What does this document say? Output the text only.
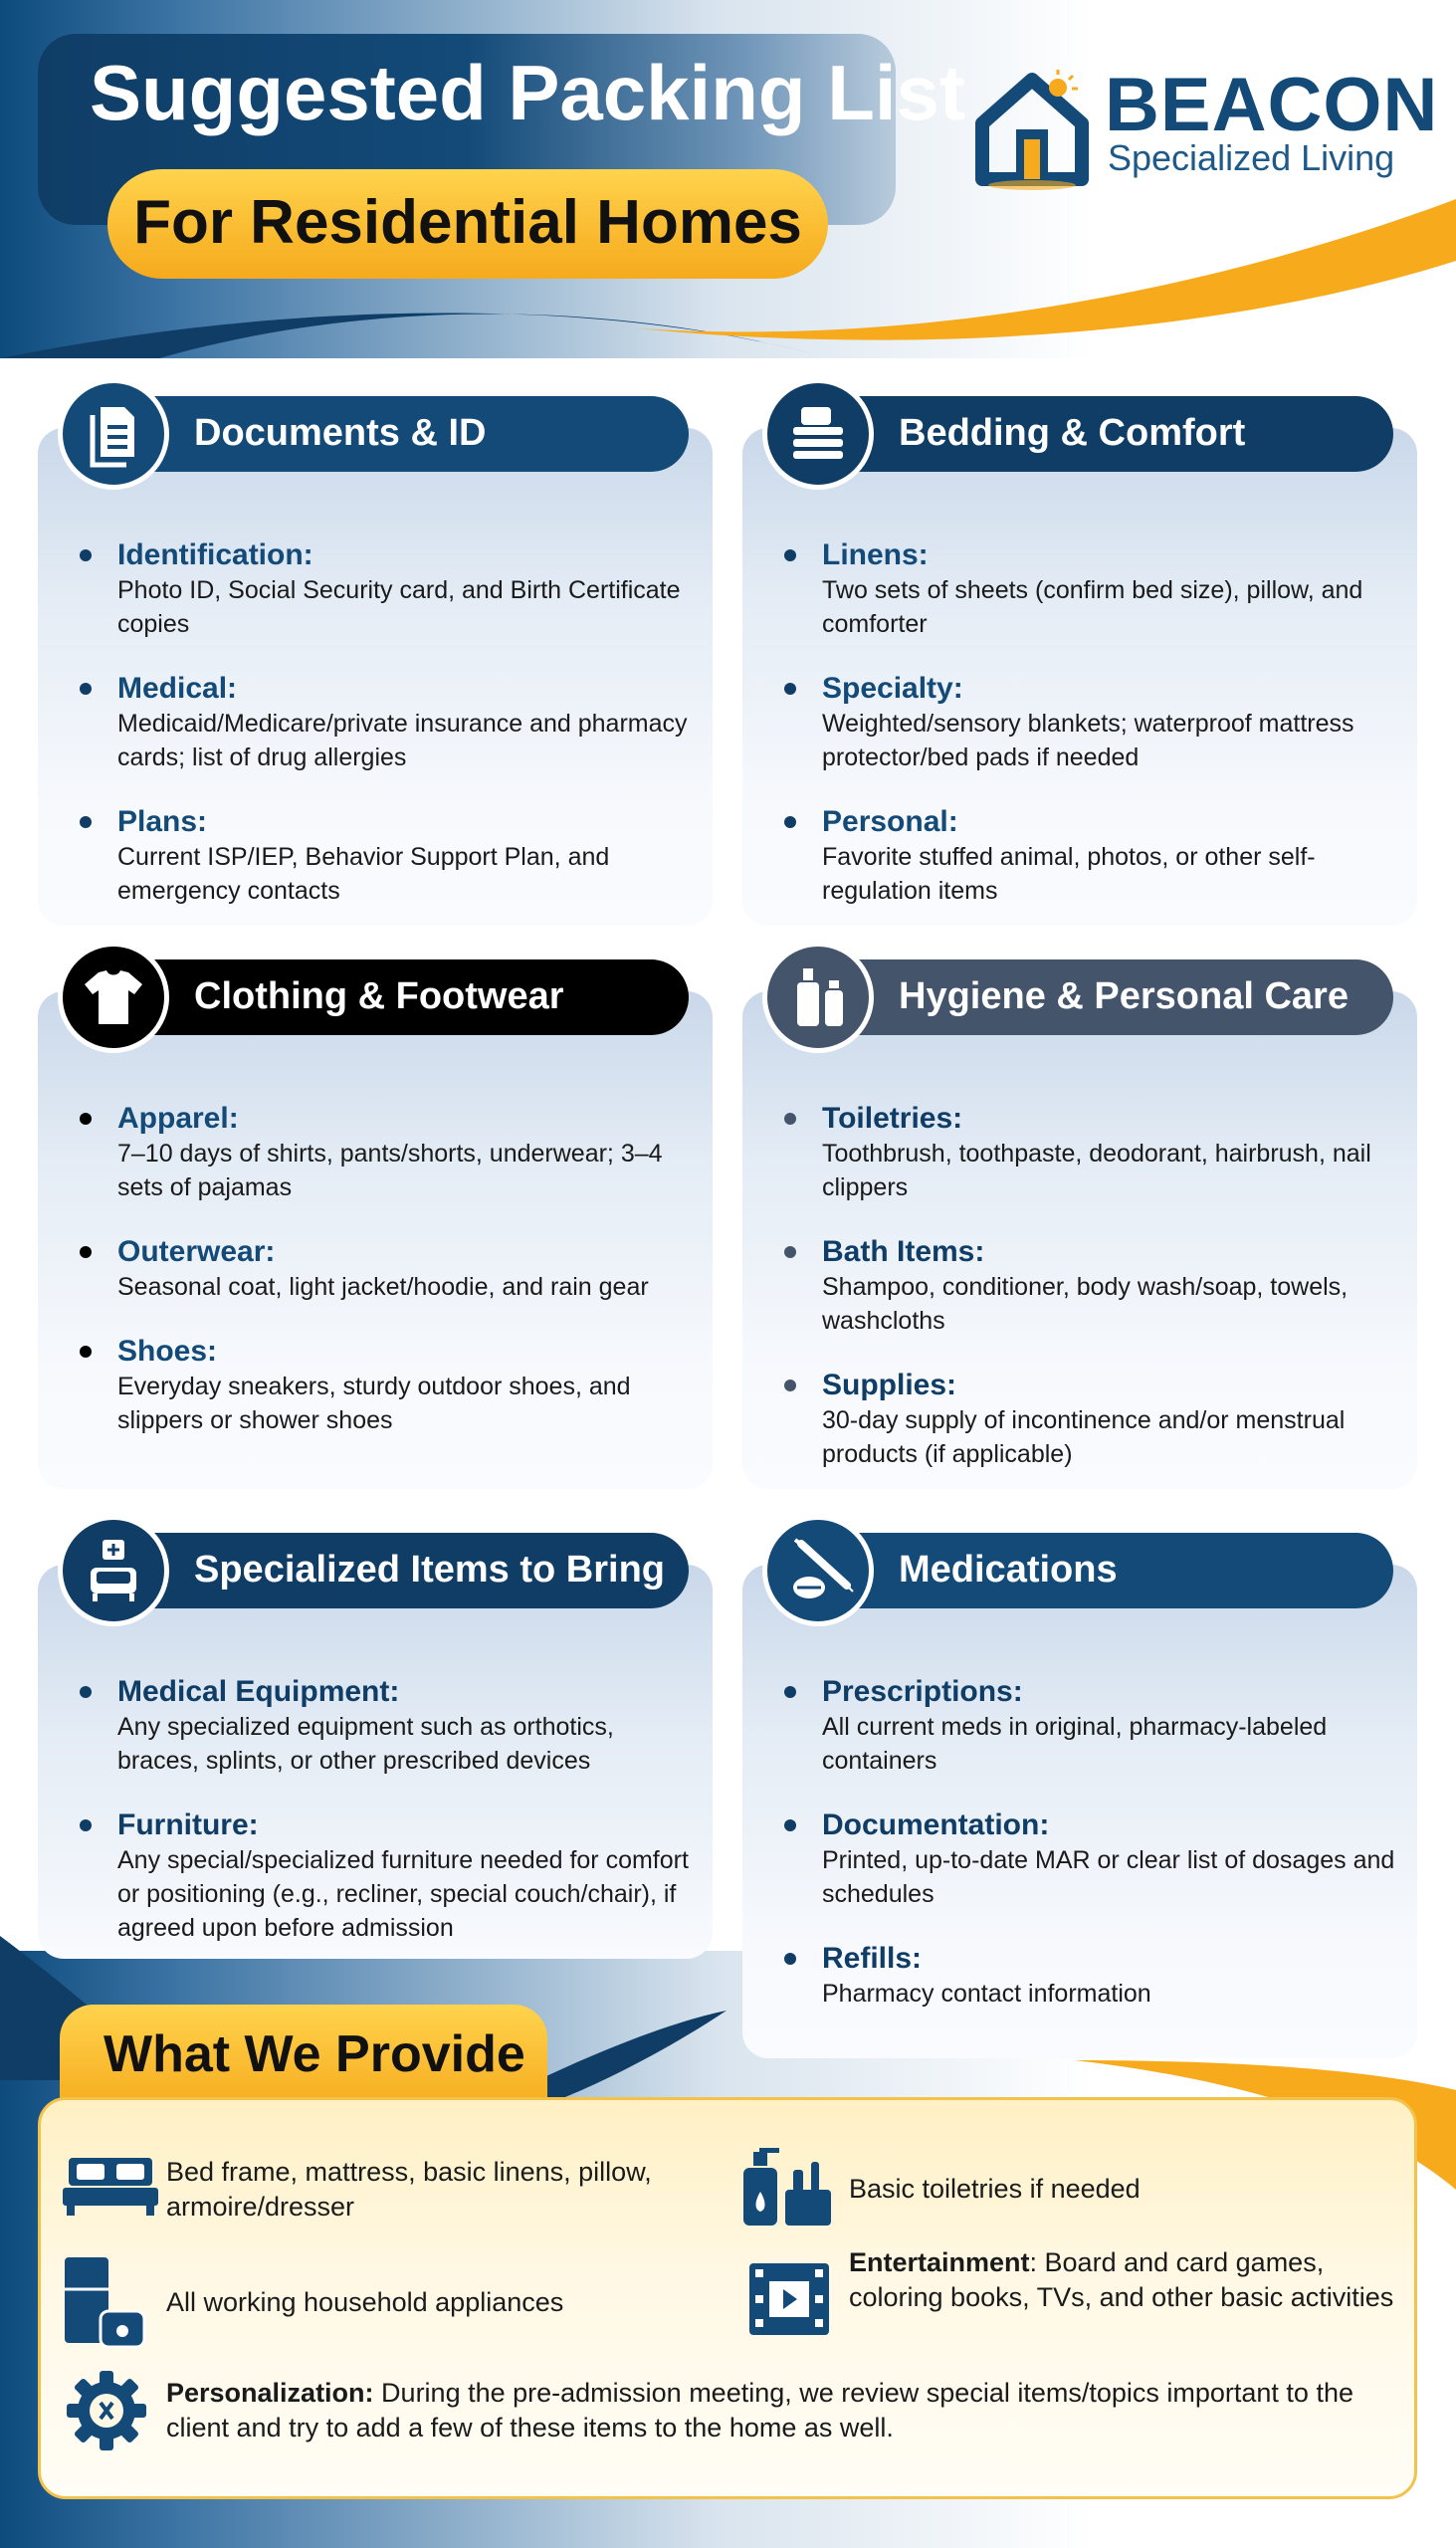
Suggested Packing List
For Residential Homes
BEACON
Specialized Living
Identification:
Photo ID, Social Security card, and Birth Certificate copies
Medical:
Medicaid/Medicare/private insurance and pharmacy cards; list of drug allergies
Plans:
Current ISP/IEP, Behavior Support Plan, and emergency contacts
Documents & ID
Linens:
Two sets of sheets (confirm bed size), pillow, and comforter
Specialty:
Weighted/sensory blankets; waterproof mattress protector/bed pads if needed
Personal:
Favorite stuffed animal, photos, or other self-regulation items
Bedding & Comfort
Apparel:
7–10 days of shirts, pants/shorts, underwear; 3–4 sets of pajamas
Outerwear:
Seasonal coat, light jacket/hoodie, and rain gear
Shoes:
Everyday sneakers, sturdy outdoor shoes, and slippers or shower shoes
Clothing & Footwear
Toiletries:
Toothbrush, toothpaste, deodorant, hairbrush, nail clippers
Bath Items:
Shampoo, conditioner, body wash/soap, towels, washcloths
Supplies:
30-day supply of incontinence and/or menstrual products (if applicable)
Hygiene & Personal Care
Medical Equipment:
Any specialized equipment such as orthotics, braces, splints, or other prescribed devices
Furniture:
Any special/specialized furniture needed for comfort or positioning (e.g., recliner, special couch/chair), if agreed upon before admission
Specialized Items to Bring
Prescriptions:
All current meds in original, pharmacy-labeled containers
Documentation:
Printed, up-to-date MAR or clear list of dosages and schedules
Refills:
Pharmacy contact information
Medications
What We Provide
Bed frame, mattress, basic linens, pillow, armoire/dresser
Basic toiletries if needed
All working household appliances
Entertainment: Board and card games, coloring books, TVs, and other basic activities
Personalization: During the pre-admission meeting, we review special items/topics important to the client and try to add a few of these items to the home as well.
